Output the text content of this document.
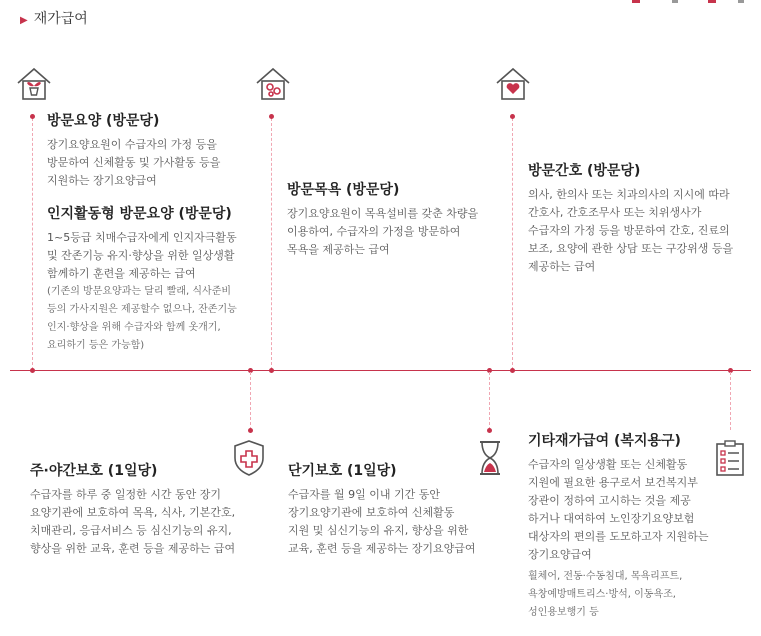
▶ 재가급여
방문요양 (방문당)
장기요양요원이 수급자의 가정 등을
방문하여 신체활동 및 가사활동 등을
지원하는 장기요양급여
인지활동형 방문요양 (방문당)
1~5등급 치매수급자에게 인지자극활동
및 잔존기능 유지·향상을 위한 일상생활
함께하기 훈련을 제공하는 급여
(기존의 방문요양과는 달리 빨래, 식사준비
등의 가사지원은 제공할수 없으나, 잔존기능
인지·향상을 위해 수급자와 함께 옷개기,
요리하기 등은 가능함)
방문목욕 (방문당)
장기요양요원이 목욕설비를 갖춘 차량을
이용하여, 수급자의 가정을 방문하여
목욕을 제공하는 급여
방문간호 (방문당)
의사, 한의사 또는 치과의사의 지시에 따라
간호사, 간호조무사 또는 치위생사가
수급자의 가정 등을 방문하여 간호, 진료의
보조, 요양에 관한 상담 또는 구강위생 등을
제공하는 급여
주·야간보호 (1일당)
수급자를 하루 중 일정한 시간 동안 장기
요양기관에 보호하여 목욕, 식사, 기본간호,
치매관리, 응급서비스 등 심신기능의 유지,
향상을 위한 교육, 훈련 등을 제공하는 급여
단기보호 (1일당)
수급자를 월 9일 이내 기간 동안
장기요양기관에 보호하여 신체활동
지원 및 심신기능의 유지, 향상을 위한
교육, 훈련 등을 제공하는 장기요양급여
기타재가급여 (복지용구)
수급자의 일상생활 또는 신체활동
지원에 필요한 용구로서 보건복지부
장관이 정하여 고시하는 것을 제공
하거나 대여하여 노인장기요양보험
대상자의 편의를 도모하고자 지원하는
장기요양급여
휠체어, 전동·수동침대, 목욕리프트,
욕창예방매트리스·방석, 이동욕조,
성인용보행기 등
